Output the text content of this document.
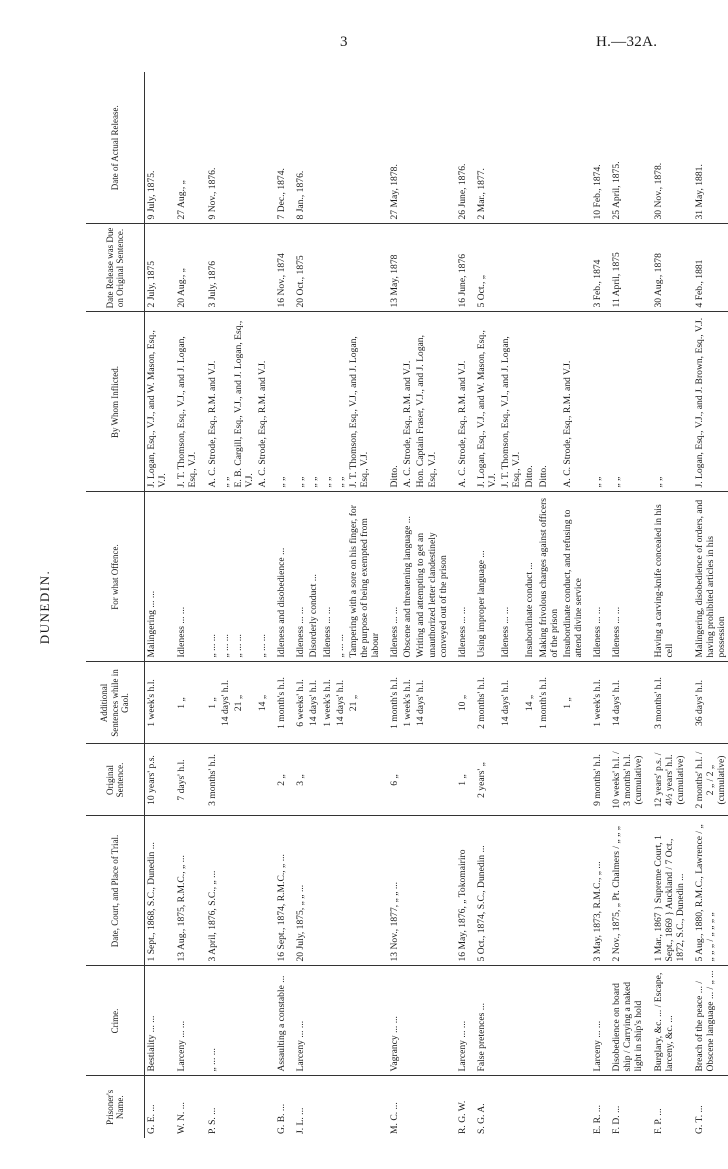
3	H.—32A.
DUNEDIN.
Prisoner's Name.	Crime.	Date, Court, and Place of Trial.	Original Sentence.	Additional Sentences while in Gaol.	For what Offence.	By Whom Inflicted.	Date Release was Due on Original Sentence.	Date of Actual Release.
G. E. ...	Bestiality ... ...	1 Sept., 1868, S.C., Dunedin ...	10 years' p.s.	1 week's h.l.	Malingering ... ...	J. Logan, Esq., V.J., and W. Mason, Esq., V.J.	2 July, 1875	9 July, 1875.
W. N. ...	Larceny ... ...	13 Aug., 1875, R.M.C., „ ...	7 days' h.l.	1 „	Idleness ... ...	J. T. Thomson, Esq., V.J., and J. Logan, Esq., V.J.	20 Aug., „	27 Aug., „
P. S. ...	„ ... ...	3 April, 1876, S.C., „ ...	3 months' h.l.	1 „	„ ... ...	A. C. Strode, Esq., R.M. and V.J.	3 July, 1876	9 Nov., 1876.
				14 days' h.l.	„ ... ...	„ „		
				21 „	„ ... ...	E. B. Cargill, Esq., V.J., and J. Logan, Esq., V.J.		
				14 „	„ ... ...	A. C. Strode, Esq., R.M. and V.J.		
G. B. ...	Assaulting a constable ...	16 Sept., 1874, R.M.C., „ ...	2 „	1 month's h.l.	Idleness and disobedience ...	„ „	16 Nov., 1874	7 Dec., 1874.
J. L. ...	Larceny ... ...	20 July, 1875, „ „ ...	3 „	6 weeks' h.l.	Idleness ... ...	„ „	20 Oct., 1875	8 Jan., 1876.
				14 days' h.l.	Disorderly conduct ...	„ „		
				1 week's h.l.	Idleness ... ...	„ „		
				14 days' h.l.	„ ... ...	„ „		
				21 „	Tampering with a sore on his finger, for the purpose of being exempted from labour	J. T. Thomson, Esq., V.J., and J. Logan, Esq., V.J.		
M. C. ...	Vagrancy ... ...	13 Nov., 1877, „ „ ...	6 „	1 month's h.l.	Idleness ... ...	Ditto.	13 May, 1878	27 May, 1878.
				1 week's h.l.	Obscene and threatening language ...	A. C. Strode, Esq., R.M. and V.J.		
				14 days' h.l.	Writing and attempting to get an unauthorized letter clandestinely conveyed out of the prison	Hon. Captain Fraser, V.J., and J. Logan, Esq., V.J.		
R. G. W.	Larceny ... ...	16 May, 1876, „ Tokomairiro	1 „	10 „	Idleness ... ...	A. C. Strode, Esq., R.M. and V.J.	16 June, 1876	26 June, 1876.
S. G. A.	False pretences ...	5 Oct., 1874, S.C., Dunedin ...	2 years' „	2 months' h.l.	Using improper language ...	J. Logan, Esq., V.J., and W. Mason, Esq., V.J.	5 Oct., „	2 Mar., 1877.
				14 days' h.l.	Idleness ... ...	J. T. Thomson, Esq., V.J., and J. Logan, Esq., V.J.		
				14 „	Insubordinate conduct ...	Ditto.		
				1 month's h.l.	Making frivolous charges against officers of the prison	Ditto.		
				1 „	Insubordinate conduct, and refusing to attend divine service	A. C. Strode, Esq., R.M. and V.J.		
E. R. ...	Larceny ... ...	3 May, 1873, R.M.C., „ ...	9 months' h.l.	1 week's h.l.	Idleness ... ...	„ „	3 Feb., 1874	10 Feb., 1874.
F. D. ...	Disobedience on board ship / Carrying a naked light in ship's hold	2 Nov., 1875, „ Pt. Chalmers / „ „ „	10 weeks' h.l. / 3 months' h.l. (cumulative)	14 days' h.l.	Idleness ... ...	„ „	11 April, 1875	25 April, 1875.
F. P. ...	Burglary, &c. ... / Escape, larceny, &c. ...	1 Mar., 1867 } Supreme Court, 1 Sept., 1869 } Auckland / 7 Oct., 1872, S.C., Dunedin ...	12 years' p.s. / 4½ years' h.l. (cumulative)	3 months' h.l.	Having a carving-knife concealed in his cell	„ „	30 Aug., 1878	30 Nov., 1878.
G. T. ...	Breach of the peace ... / Obscene language ... / „ ...	5 Aug., 1880, R.M.C., Lawrence / „ „ „ „ / „ „ „ „	2 months' h.l. / 2 „ / 2 „ (cumulative)	36 days' h.l.	Malingering, disobedience of orders, and having prohibited articles in his possession	J. Logan, Esq., V.J., and J. Brown, Esq., V.J.	4 Feb., 1881	31 May, 1881.
